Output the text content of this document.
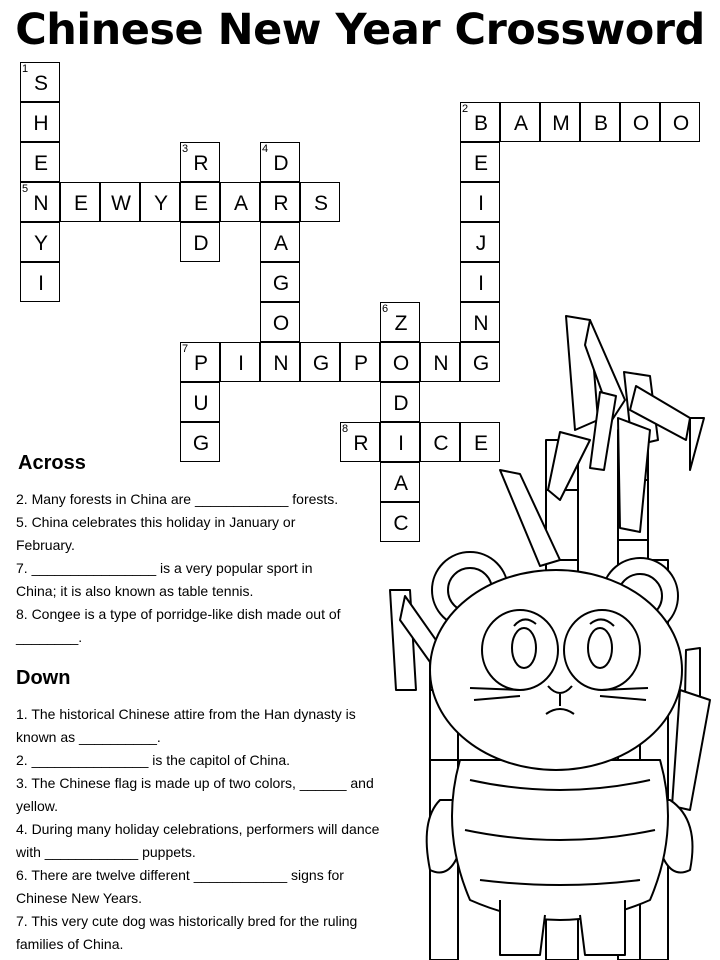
Chinese New Year Crossword
S
1
H
E
N
5
Y
I
B
2
A	M	B	O	O
E
I
J
I
N
G
R
3
E
D
D
4
R
A
G
O
N
E	W	Y	A	S
Z
6
O
D
I
A
C
P
7
I	G	P	N
U
G	R
8
C	E
Across

2. Many forests in China are ____________ forests.

5. China celebrates this holiday in January or

February.

7. ________________ is a very popular sport in

China; it is also known as table tennis.

8. Congee is a type of porridge-like dish made out of

________.

Down

1. The historical Chinese attire from the Han dynasty is

known as __________.

2. _______________ is the capitol of China.

3. The Chinese flag is made up of two colors, ______ and

yellow.

4. During many holiday celebrations, performers will dance

with ____________ puppets.

6. There are twelve different ____________ signs for

Chinese New Years.

7. This very cute dog was historically bred for the ruling

families of China.
